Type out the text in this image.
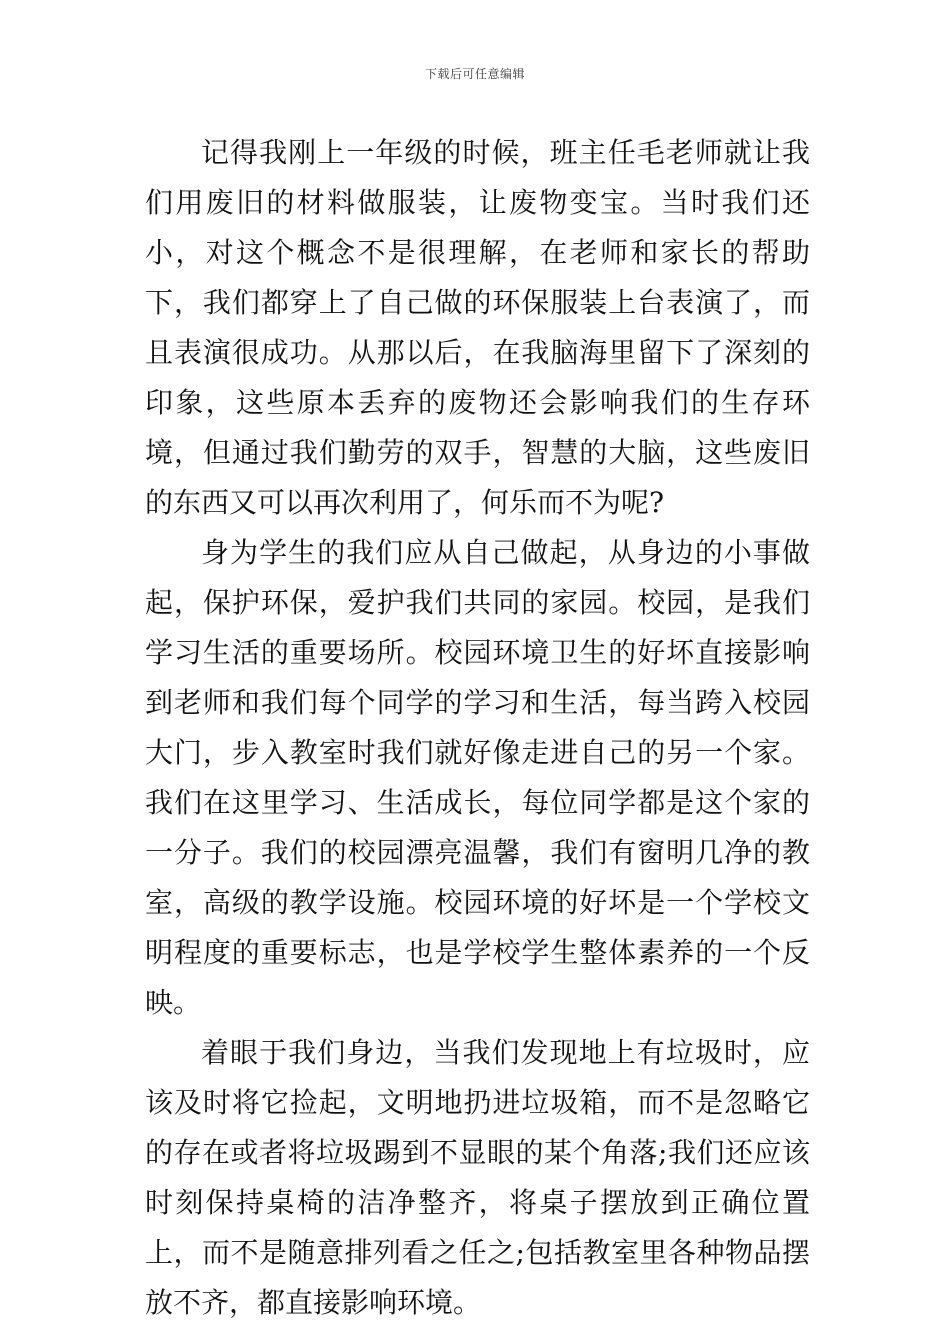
下载后可任意编辑

记得我刚上一年级的时候，班主任毛老师就让我们用废旧的材料做服装，让废物变宝。当时我们还小，对这个概念不是很理解，在老师和家长的帮助下，我们都穿上了自己做的环保服装上台表演了，而且表演很成功。从那以后，在我脑海里留下了深刻的印象，这些原本丢弃的废物还会影响我们的生存环境，但通过我们勤劳的双手，智慧的大脑，这些废旧的东西又可以再次利用了，何乐而不为呢?

身为学生的我们应从自己做起，从身边的小事做起，保护环保，爱护我们共同的家园。校园，是我们学习生活的重要场所。校园环境卫生的好坏直接影响到老师和我们每个同学的学习和生活，每当跨入校园大门，步入教室时我们就好像走进自己的另一个家。我们在这里学习、生活成长，每位同学都是这个家的一分子。我们的校园漂亮温馨，我们有窗明几净的教室，高级的教学设施。校园环境的好坏是一个学校文明程度的重要标志，也是学校学生整体素养的一个反映。

着眼于我们身边，当我们发现地上有垃圾时，应该及时将它捡起，文明地扔进垃圾箱，而不是忽略它的存在或者将垃圾踢到不显眼的某个角落;我们还应该时刻保持桌椅的洁净整齐，将桌子摆放到正确位置上，而不是随意排列看之任之;包括教室里各种物品摆放不齐，都直接影响环境。
